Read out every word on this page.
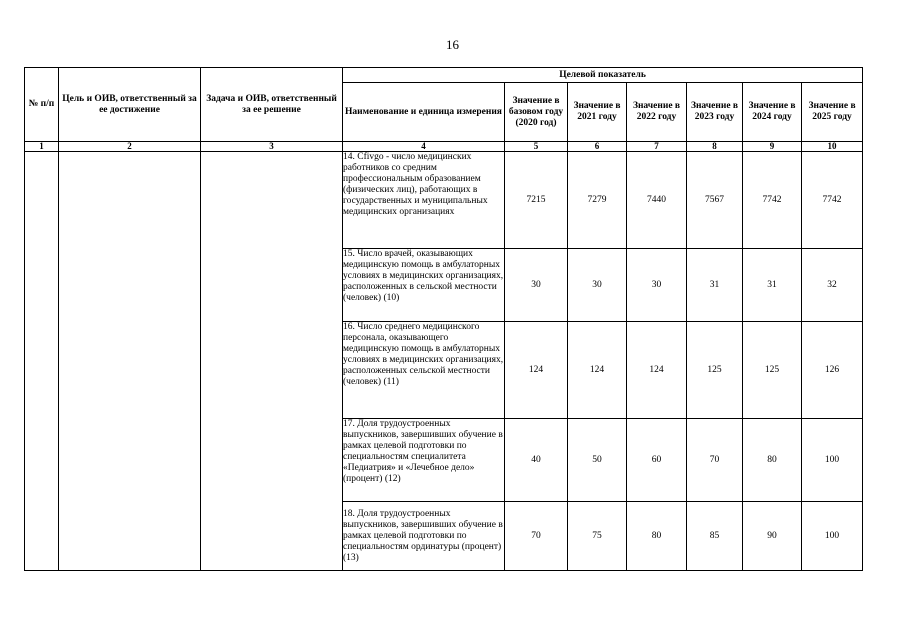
16
№ п/п	Цель и ОИВ, ответственный за ее достижение	Задача и ОИВ, ответственный за ее решение	Целевой показатель						
			Наименование и единица измерения	Значение в базовом году (2020 год)	Значение в 2021 году	Значение в 2022 году	Значение в 2023 году	Значение в 2024 году	Значение в 2025 году
1	2	3	4	5	6	7	8	9	10
			14. Cfivgo - число медицинских работников со средним профессиональным образованием (физических лиц), работающих в государственных и муниципальных медицинских организациях	7215	7279	7440	7567	7742	7742
			15. Число врачей, оказывающих медицинскую помощь в амбулаторных условиях в медицинских организациях, расположенных в сельской местности (человек) (10)	30	30	30	31	31	32
			16. Число среднего медицинского персонала, оказывающего медицинскую помощь в амбулаторных условиях в медицинских организациях, расположенных сельской местности (человек) (11)	124	124	124	125	125	126
			17. Доля трудоустроенных выпускников, завершивших обучение в рамках целевой подготовки по специальностям специалитета «Педиатрия» и «Лечебное дело» (процент) (12)	40	50	60	70	80	100
			18. Доля трудоустроенных выпускников, завершивших обучение в рамках целевой подготовки по специальностям ординатуры (процент) (13)	70	75	80	85	90	100
